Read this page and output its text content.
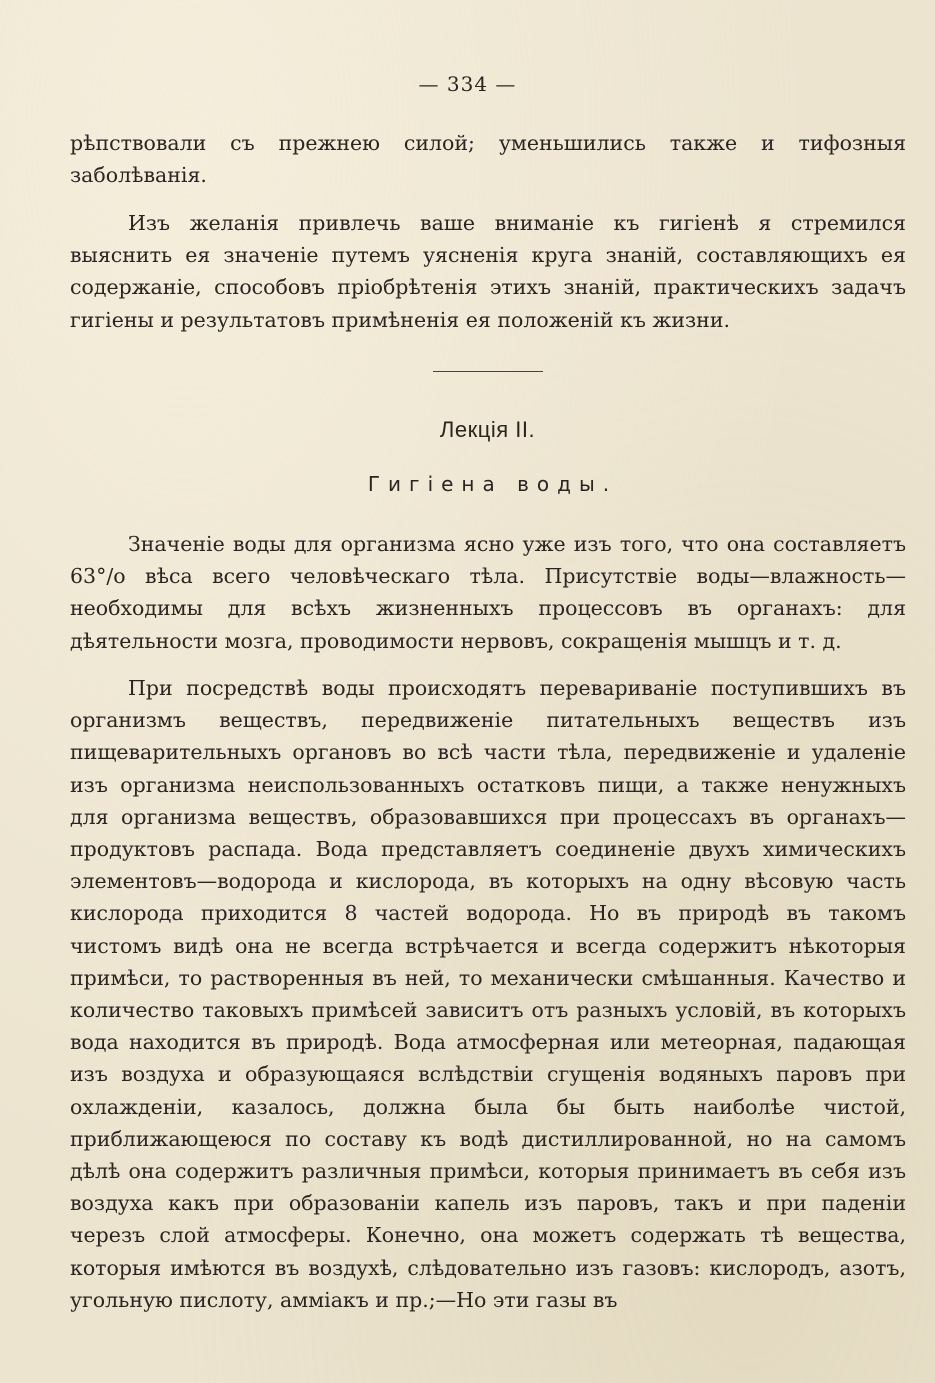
— 334 —

рѣпствовали съ прежнею силой; уменьшились также и тифозныя заболѣванія.

Изъ желанія привлечь ваше вниманіе къ гигіенѣ я стремился выяснить ея значеніе путемъ уясненія круга знаній, составляющихъ ея содержаніе, способовъ пріобрѣтенія этихъ знаній, практическихъ задачъ гигіены и результатовъ примѣненія ея положеній къ жизни.

Лекція II.
Гигіена воды.

Значеніе воды для организма ясно уже изъ того, что она составляетъ 63°/o вѣса всего человѣческаго тѣла. Присутствіе воды—влажность—необходимы для всѣхъ жизненныхъ процессовъ въ органахъ: для дѣятельности мозга, проводимости нервовъ, сокращенія мышцъ и т. д.

При посредствѣ воды происходятъ перевариваніе поступившихъ въ организмъ веществъ, передвиженіе питательныхъ веществъ изъ пищеварительныхъ органовъ во всѣ части тѣла, передвиженіе и удаленіе изъ организма неиспользованныхъ остатковъ пищи, а также ненужныхъ для организма веществъ, образовавшихся при процессахъ въ органахъ—продуктовъ распада. Вода представляетъ соединеніе двухъ химическихъ элементовъ—водорода и кислорода, въ которыхъ на одну вѣсовую часть кислорода приходится 8 частей водорода. Но въ природѣ въ такомъ чистомъ видѣ она не всегда встрѣчается и всегда содержитъ нѣкоторыя примѣси, то растворенныя въ ней, то механически смѣшанныя. Качество и количество таковыхъ примѣсей зависитъ отъ разныхъ условій, въ которыхъ вода находится въ природѣ. Вода атмосферная или метеорная, падающая изъ воздуха и образующаяся вслѣдствіи сгущенія водяныхъ паровъ при охлажденіи, казалось, должна была бы быть наиболѣе чистой, приближающеюся по составу къ водѣ дистиллированной, но на самомъ дѣлѣ она содержитъ различныя примѣси, которыя принимаетъ въ себя изъ воздуха какъ при образованіи капель изъ паровъ, такъ и при паденіи черезъ слой атмосферы. Конечно, она можетъ содержать тѣ вещества, которыя имѣются въ воздухѣ, слѣдовательно изъ газовъ: кислородъ, азотъ, угольную пислоту, амміакъ и пр.;—Но эти газы въ
